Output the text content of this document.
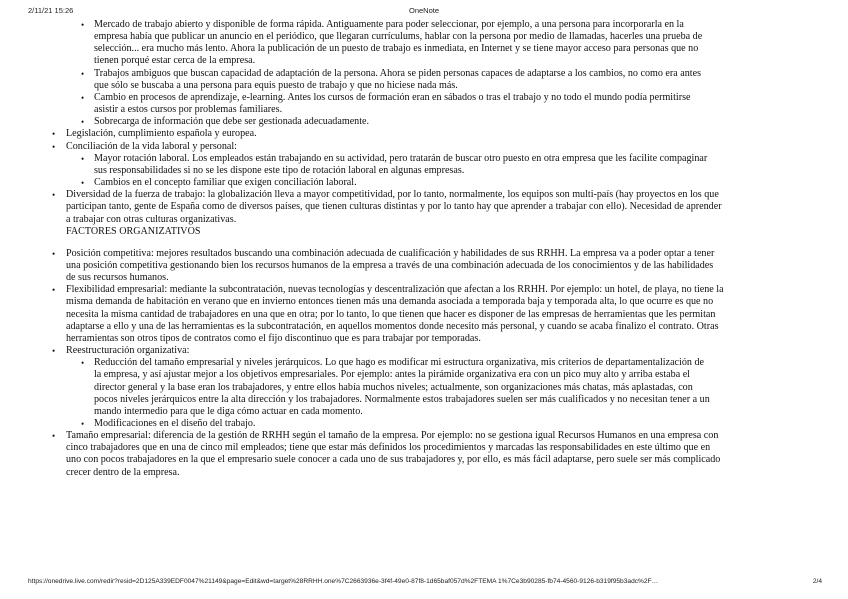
2/11/21 15:26	OneNote
• Mercado de trabajo abierto y disponible de forma rápida. Antiguamente para poder seleccionar, por ejemplo, a una persona para incorporarla en la empresa había que publicar un anuncio en el periódico, que llegaran currículums, hablar con la persona por medio de llamadas, hacerles una prueba de selección... era mucho más lento. Ahora la publicación de un puesto de trabajo es inmediata, en Internet y se tiene mayor acceso para personas que no tienen porqué estar cerca de la empresa.
• Trabajos ambiguos que buscan capacidad de adaptación de la persona. Ahora se piden personas capaces de adaptarse a los cambios, no como era antes que sólo se buscaba a una persona para equis puesto de trabajo y que no hiciese nada más.
• Cambio en procesos de aprendizaje, e-learning. Antes los cursos de formación eran en sábados o tras el trabajo y no todo el mundo podía permitirse asistir a estos cursos por problemas familiares.
• Sobrecarga de información que debe ser gestionada adecuadamente.
• Legislación, cumplimiento española y europea.
• Conciliación de la vida laboral y personal:
• Mayor rotación laboral. Los empleados están trabajando en su actividad, pero tratarán de buscar otro puesto en otra empresa que les facilite compaginar sus responsabilidades si no se les dispone este tipo de rotación laboral en algunas empresas.
• Cambios en el concepto familiar que exigen conciliación laboral.
• Diversidad de la fuerza de trabajo: la globalización lleva a mayor competitividad, por lo tanto, normalmente, los equipos son multi-país (hay proyectos en los que participan tanto, gente de España como de diversos países, que tienen culturas distintas y por lo tanto hay que aprender a trabajar con ello). Necesidad de aprender a trabajar con otras culturas organizativas.
FACTORES ORGANIZATIVOS
• Posición competitiva: mejores resultados buscando una combinación adecuada de cualificación y habilidades de sus RRHH. La empresa va a poder optar a tener una posición competitiva gestionando bien los recursos humanos de la empresa a través de una combinación adecuada de los conocimientos y de las habilidades de sus recursos humanos.
• Flexibilidad empresarial: mediante la subcontratación, nuevas tecnologías y descentralización que afectan a los RRHH. Por ejemplo: un hotel, de playa, no tiene la misma demanda de habitación en verano que en invierno entonces tienen más una demanda asociada a temporada baja y temporada alta, lo que ocurre es que no necesita la misma cantidad de trabajadores en una que en otra; por lo tanto, lo que tienen que hacer es disponer de las empresas de herramientas que les permitan adaptarse a ello y una de las herramientas es la subcontratación, en aquellos momentos donde necesito más personal, y cuando se acaba finalizo el contrato. Otras herramientas son otros tipos de contratos como el fijo discontinuo que es para trabajar por temporadas.
• Reestructuración organizativa:
• Reducción del tamaño empresarial y niveles jerárquicos. Lo que hago es modificar mi estructura organizativa, mis criterios de departamentalización de la empresa, y así ajustar mejor a los objetivos empresariales. Por ejemplo: antes la pirámide organizativa era con un pico muy alto y arriba estaba el director general y la base eran los trabajadores, y entre ellos había muchos niveles; actualmente, son organizaciones más chatas, más aplastadas, con pocos niveles jerárquicos entre la alta dirección y los trabajadores. Normalmente estos trabajadores suelen ser más cualificados y no necesitan tener a un mando intermedio para que le diga cómo actuar en cada momento.
• Modificaciones en el diseño del trabajo.
• Tamaño empresarial: diferencia de la gestión de RRHH según el tamaño de la empresa. Por ejemplo: no se gestiona igual Recursos Humanos en una empresa con cinco trabajadores que en una de cinco mil empleados; tiene que estar más definidos los procedimientos y marcadas las responsabilidades en este último que en uno con pocos trabajadores en la que el empresario suele conocer a cada uno de sus trabajadores y, por ello, es más fácil adaptarse, pero suele ser más complicado crecer dentro de la empresa.
https://onedrive.live.com/redir?resid=2D125A339EDF0047%21149&page=Edit&wd=target%28RRHH.one%7C2663936e-3f4f-49e0-87f8-1d65baf057d%2FTEMA 1%7Ce3b90285-fb74-4560-9126-b319f95b3adc%2F…	2/4
